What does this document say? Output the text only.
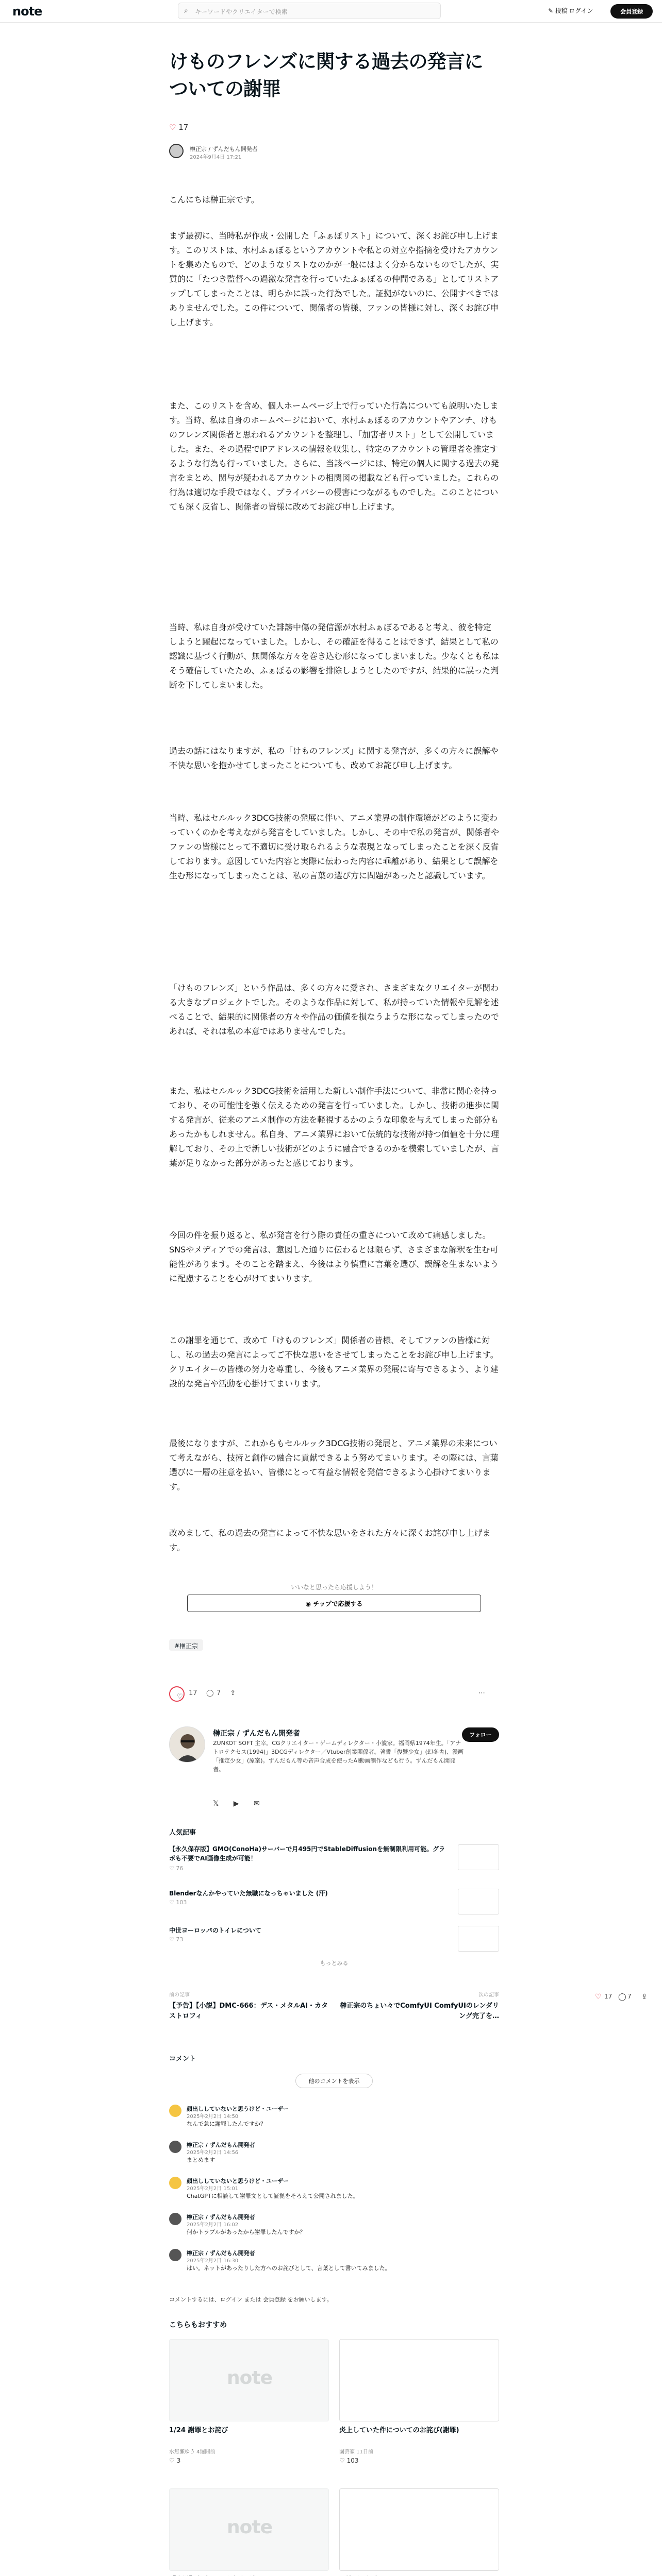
note	⌕ キーワードやクリエイターで検索	✎ 投稿 ログイン	会員登録
けものフレンズに関する過去の発言についての謝罪
♡ 17
榊正宗 / ずんだもん開発者
2024年9月4日 17:21

こんにちは榊正宗です。

まず最初に、当時私が作成・公開した「ふぁぼリスト」について、深くお詫び申し上げます。このリストは、水村ふぁぼるというアカウントや私との対立や指摘を受けたアカウントを集めたもので、どのようなリストなのかが一般にはよく分からないものでしたが、実質的に「たつき監督への過激な発言を行っていたふぁぼるの仲間である」としてリストアップしてしまったことは、明らかに誤った行為でした。証拠がないのに、公開すべきではありませんでした。この件について、関係者の皆様、ファンの皆様に対し、深くお詫び申し上げます。

また、このリストを含め、個人ホームページ上で行っていた行為についても説明いたします。当時、私は自身のホームページにおいて、水村ふぁぼるのアカウントやアンチ、けものフレンズ関係者と思われるアカウントを整理し、「加害者リスト」として公開していました。また、その過程でIPアドレスの情報を収集し、特定のアカウントの管理者を推定するような行為も行っていました。さらに、当該ページには、特定の個人に関する過去の発言をまとめ、関与が疑われるアカウントの相関図の掲載なども行っていました。これらの行為は適切な手段ではなく、プライバシーの侵害につながるものでした。このことについても深く反省し、関係者の皆様に改めてお詫び申し上げます。

当時、私は自身が受けていた誹謗中傷の発信源が水村ふぁぼるであると考え、彼を特定しようと躍起になっていました。しかし、その確証を得ることはできず、結果として私の認識に基づく行動が、無関係な方々を巻き込む形になってしまいました。少なくとも私はそう確信していたため、ふぁぼるの影響を排除しようとしたのですが、結果的に誤った判断を下してしまいました。

過去の話にはなりますが、私の「けものフレンズ」に関する発言が、多くの方々に誤解や不快な思いを抱かせてしまったことについても、改めてお詫び申し上げます。

当時、私はセルルック3DCG技術の発展に伴い、アニメ業界の制作環境がどのように変わっていくのかを考えながら発言をしていました。しかし、その中で私の発言が、関係者やファンの皆様にとって不適切に受け取られるような表現となってしまったことを深く反省しております。意図していた内容と実際に伝わった内容に乖離があり、結果として誤解を生む形になってしまったことは、私の言葉の選び方に問題があったと認識しています。

「けものフレンズ」という作品は、多くの方々に愛され、さまざまなクリエイターが関わる大きなプロジェクトでした。そのような作品に対して、私が持っていた情報や見解を述べることで、結果的に関係者の方々や作品の価値を損なうような形になってしまったのであれば、それは私の本意ではありませんでした。

また、私はセルルック3DCG技術を活用した新しい制作手法について、非常に関心を持っており、その可能性を強く伝えるための発言を行っていました。しかし、技術の進歩に関する発言が、従来のアニメ制作の方法を軽視するかのような印象を与えてしまった部分もあったかもしれません。私自身、アニメ業界において伝統的な技術が持つ価値を十分に理解しており、その上で新しい技術がどのように融合できるのかを模索していましたが、言葉が足りなかった部分があったと感じております。

今回の件を振り返ると、私が発言を行う際の責任の重さについて改めて痛感しました。SNSやメディアでの発言は、意図した通りに伝わるとは限らず、さまざまな解釈を生む可能性があります。そのことを踏まえ、今後はより慎重に言葉を選び、誤解を生まないように配慮することを心がけてまいります。

この謝罪を通じて、改めて「けものフレンズ」関係者の皆様、そしてファンの皆様に対し、私の過去の発言によってご不快な思いをさせてしまったことをお詫び申し上げます。クリエイターの皆様の努力を尊重し、今後もアニメ業界の発展に寄与できるよう、より建設的な発言や活動を心掛けてまいります。

最後になりますが、これからもセルルック3DCG技術の発展と、アニメ業界の未来について考えながら、技術と創作の融合に貢献できるよう努めてまいります。その際には、言葉選びに一層の注意を払い、皆様にとって有益な情報を発信できるよう心掛けてまいります。

改めまして、私の過去の発言によって不快な思いをされた方々に深くお詫び申し上げます。

いいなと思ったら応援しよう！
◉ チップで応援する
#榊正宗
♡ 17 ◯ 7 ⇪	⋯
榊正宗 / ずんだもん開発者
ZUNKOT SOFT 主宰。CGクリエイター・ゲームディレクター・小説家。福岡県1974年生。「アナトロテクセス(1994)」3DCGディレクター／Vtuber創業関係者。著書「復讐少女」(幻冬舎)、漫画「推定少女」(原案)。ずんだもん等の音声合成を使ったAI動画制作なども行う。ずんだもん開発者。
フォロー
𝕏 ▶ ✉
人気記事
【永久保存版】GMO(ConoHa)サーバーで月495円でStableDiffusionを無制限利用可能。グラボも不要でAI画像生成が可能！
♡ 76
Blenderなんかやっていた無職になっちゃいました (汗)
♡ 103
中世ヨーロッパのトイレについて
♡ 73
もっとみる
前の記事
【予告】【小説】DMC-666：デス・メタルAI・カタストロフィ
次の記事
榊正宗のちょい々でComfyUI ComfyUIのレンダリング完了を…
コメント
他のコメントを表示
顔出ししていないと思うけど・ユーザー
2025年2月2日 14:50
なんで急に謝罪したんですか？
榊正宗 / ずんだもん開発者
2025年2月2日 14:56
まとめます
顔出ししていないと思うけど・ユーザー
2025年2月2日 15:01
ChatGPTに相談して謝罪文として証拠をそろえて公開されました。
榊正宗 / ずんだもん開発者
2025年2月2日 16:02
何かトラブルがあったから謝罪したんですか？
榊正宗 / ずんだもん開発者
2025年2月2日 16:30
はい。ネットがあったりした方へのお詫びとして、言葉として書いてみました。
コメントするには、ログイン または 会員登録 をお願いします。
こちらもおすすめ
note
1/24 謝罪とお詫び
水無瀬ゆう 4週間前
♡ 3
炎上していた件についてのお詫び(謝罪)
園芸家 11日前
♡ 103
note
♡ 17 ◯ 7 ⇪
